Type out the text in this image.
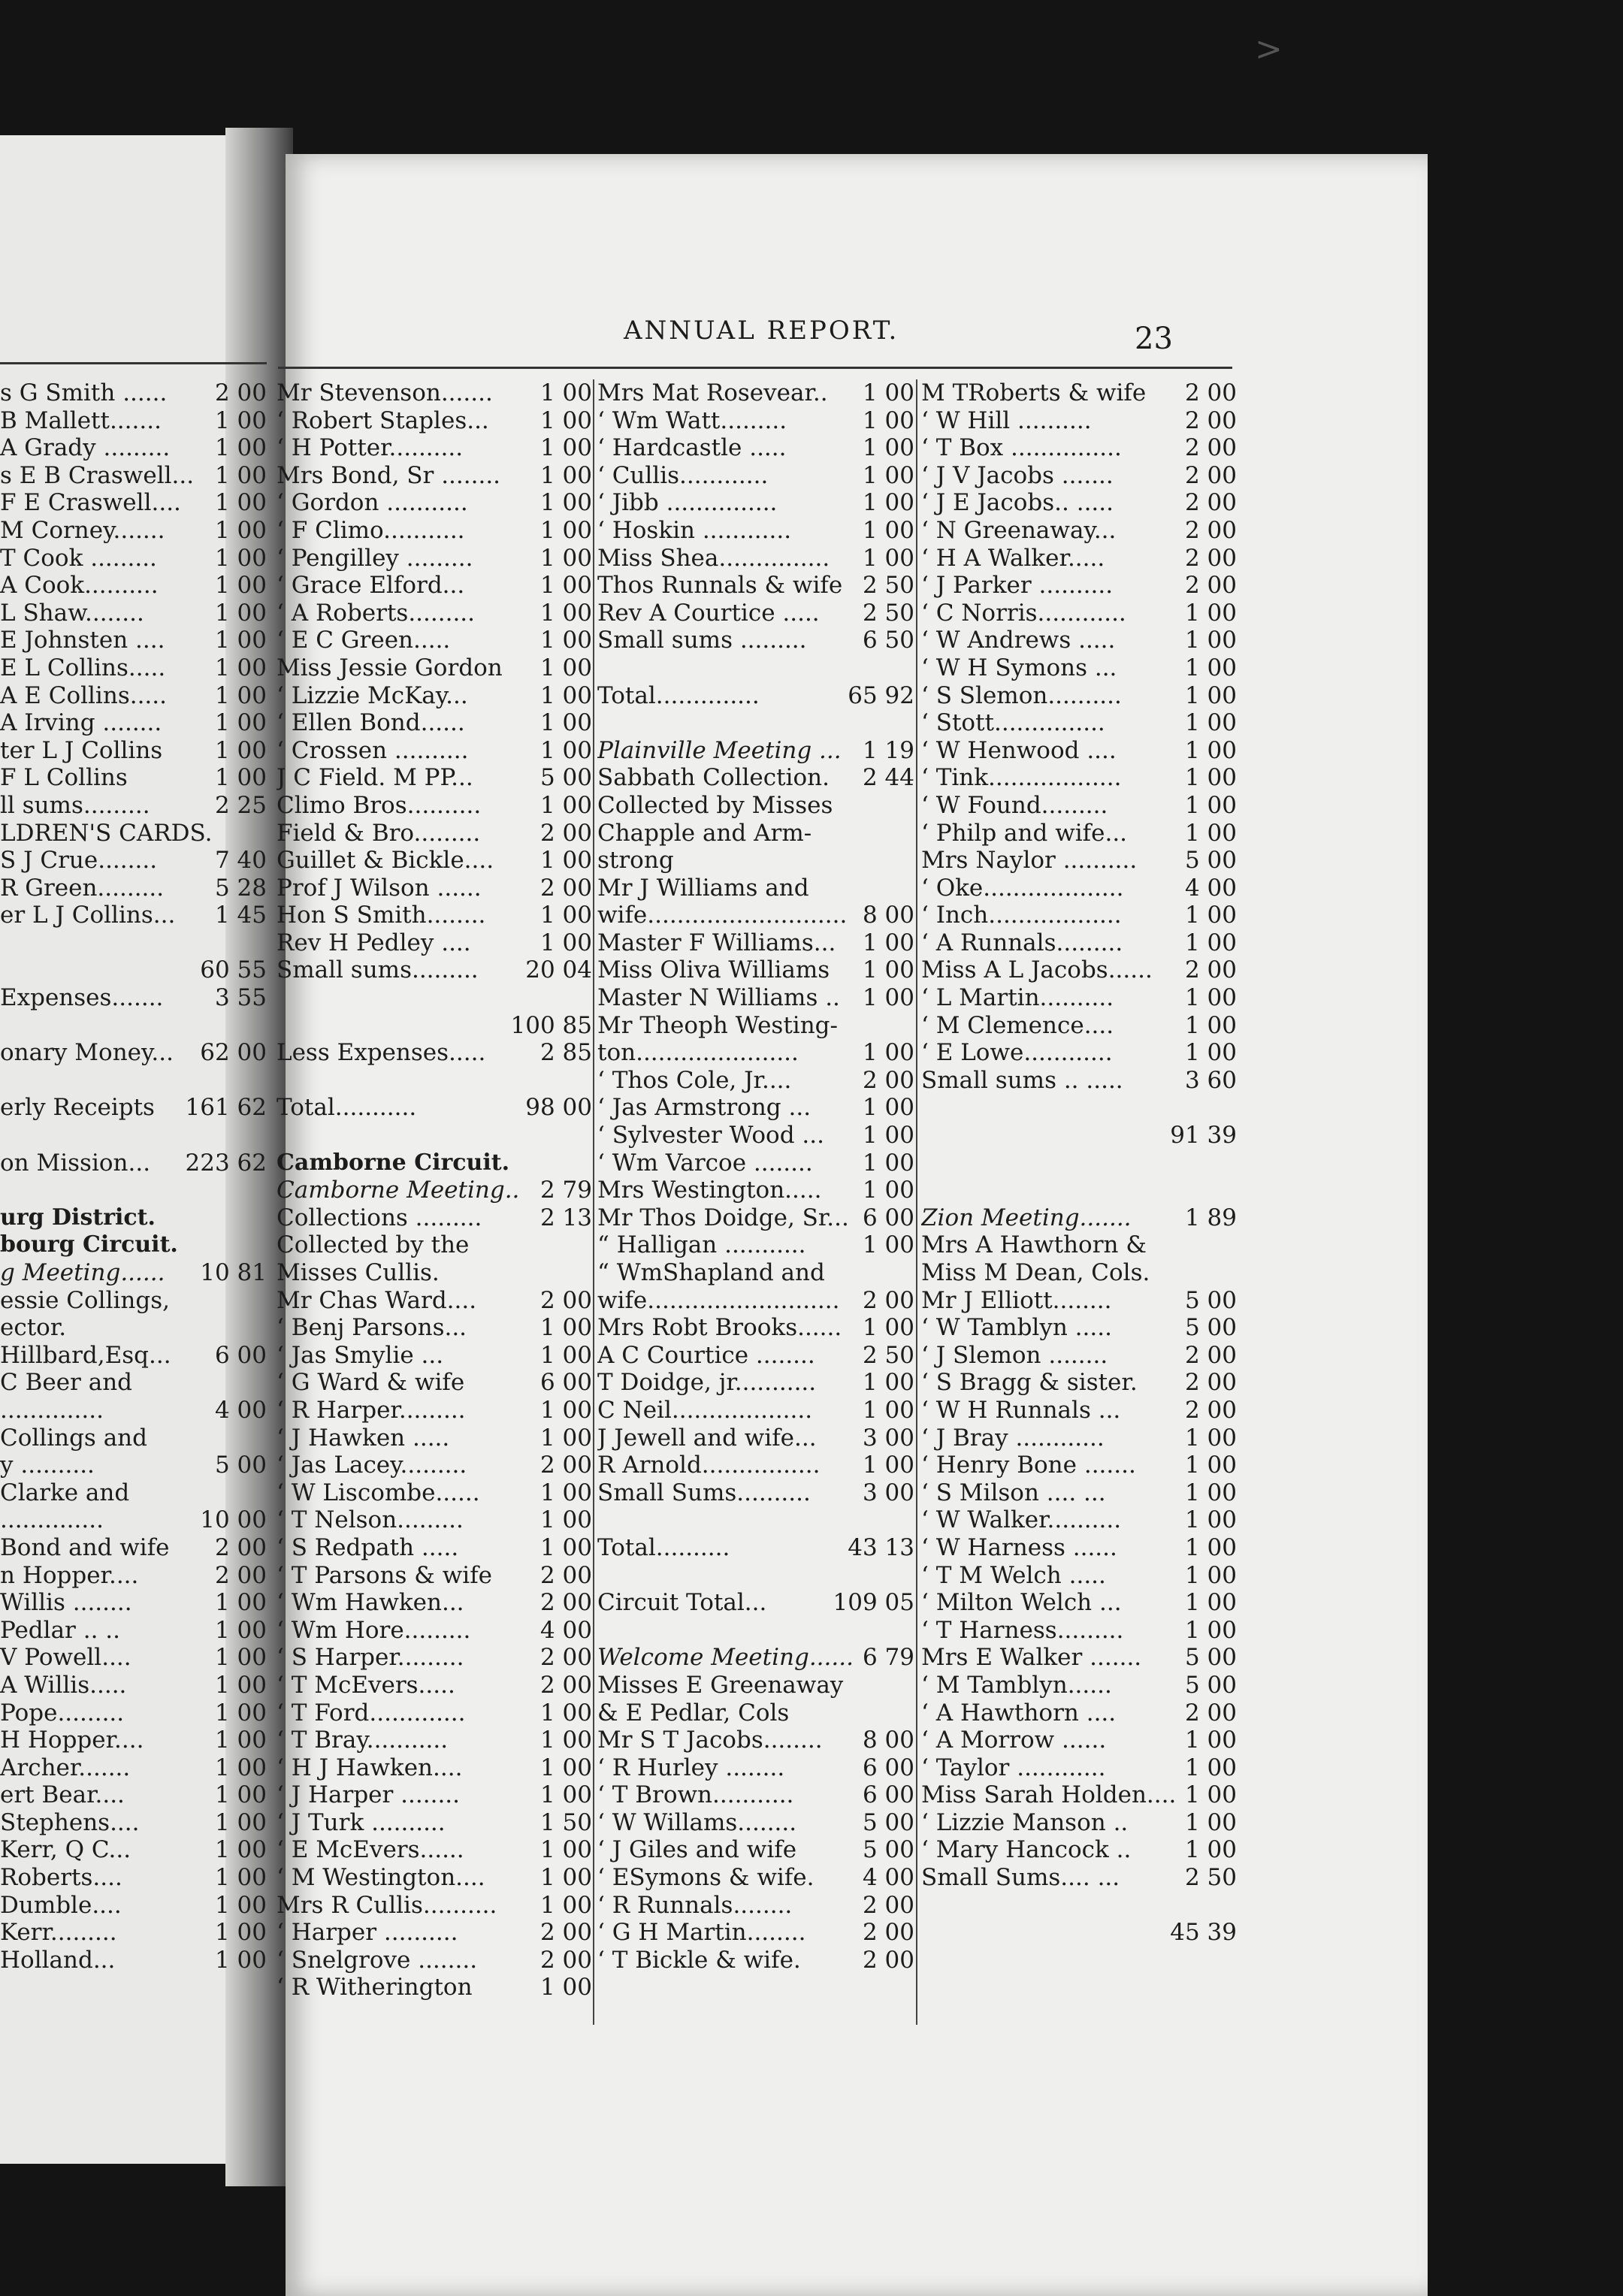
ANNUAL REPORT.	23
s G Smith ......	2 00
B Mallett.......	1 00
A Grady .........	1 00
s E B Craswell... 1 00
F E Craswell....	1 00
M Corney.......	1 00
T Cook .........	1 00
A Cook..........	1 00
L Shaw........	1 00
E Johnsten ....	1 00
E L Collins.....	1 00
A E Collins.....	1 00
A Irving ........	1 00
ter L J Collins	1 00
F L Collins	1 00
ll sums.........	2 25
LDREN'S CARDS.
S J Crue........	7 40
R Green.........	5 28
er L J Collins...	1 45
60 55
Expenses.......	3 55
onary Money...	62 00
erly Receipts	161 62
on Mission...	223 62
urg District.
bourg Circuit.
g Meeting......	10 81
essie Collings,
ector.
Hillbard,Esq...	6 00
C Beer and
..............	4 00
Collings and
y ..........	5 00
Clarke and
..............	10 00
Bond and wife	2 00
n Hopper....	2 00
Willis ........	1 00
Pedlar .. ..	1 00
V Powell....	1 00
A Willis.....	1 00
Pope.........	1 00
H Hopper....	1 00
Archer.......	1 00
ert Bear....	1 00
Stephens....	1 00
Kerr, Q C...	1 00
Roberts....	1 00
Dumble....	1 00
Kerr.........	1 00
Holland...	1 00
Mr Stevenson.......	1 00
‘ Robert Staples...	1 00
‘ H Potter..........	1 00
Mrs Bond, Sr ........	1 00
‘ Gordon ...........	1 00
‘ F Climo...........	1 00
‘ Pengilley .........	1 00
‘ Grace Elford...	1 00
‘ A Roberts.........	1 00
‘ E C Green.....	1 00
Miss Jessie Gordon	1 00
‘ Lizzie McKay...	1 00
‘ Ellen Bond......	1 00
‘ Crossen ..........	1 00
J C Field. M PP...	5 00
Climo Bros..........	1 00
Field & Bro.........	2 00
Guillet & Bickle....	1 00
Prof J Wilson ......	2 00
Hon S Smith........	1 00
Rev H Pedley ....	1 00
Small sums.........	20 04
100 85
Less Expenses.....	2 85
Total...........	98 00
Camborne Circuit.
Camborne Meeting.. 2 79
Collections .........	2 13
Collected by the
Misses Cullis.
Mr Chas Ward....	2 00
‘ Benj Parsons...	1 00
‘ Jas Smylie ...	1 00
‘ G Ward & wife	6 00
‘ R Harper.........	1 00
‘ J Hawken .....	1 00
‘ Jas Lacey.........	2 00
‘ W Liscombe......	1 00
‘ T Nelson.........	1 00
‘ S Redpath .....	1 00
‘ T Parsons & wife	2 00
‘ Wm Hawken...	2 00
‘ Wm Hore.........	4 00
‘ S Harper.........	2 00
‘ T McEvers.....	2 00
‘ T Ford.............	1 00
‘ T Bray...........	1 00
‘ H J Hawken....	1 00
‘ J Harper ........	1 00
‘ J Turk ..........	1 50
‘ E McEvers......	1 00
‘ M Westington....	1 00
Mrs R Cullis..........	1 00
‘ Harper ..........	2 00
‘ Snelgrove ........	2 00
‘ R Witherington	1 00
Mrs Mat Rosevear..	1 00
‘ Wm Watt.........	1 00
‘ Hardcastle .....	1 00
‘ Cullis............	1 00
‘ Jibb ...............	1 00
‘ Hoskin ............	1 00
Miss Shea...............	1 00
Thos Runnals & wife 2 50
Rev A Courtice .....	2 50
Small sums .........	6 50
Total..............	65 92
Plainville Meeting ... 1 19
Sabbath Collection.	2 44
Collected by Misses
Chapple and Arm-
strong
Mr J Williams and
wife........................... 8 00
Master F Williams...	1 00
Miss Oliva Williams	1 00
Master N Williams .. 1 00
Mr Theoph Westing-
ton......................	1 00
‘ Thos Cole, Jr....	2 00
‘ Jas Armstrong ...	1 00
‘ Sylvester Wood ...	1 00
‘ Wm Varcoe ........	1 00
Mrs Westington.....	1 00
Mr Thos Doidge, Sr... 6 00
“ Halligan ...........	1 00
“ WmShapland and
wife.......................... 2 00
Mrs Robt Brooks...... 1 00
A C Courtice ........	2 50
T Doidge, jr...........	1 00
C Neil...................	1 00
J Jewell and wife...	3 00
R Arnold................	1 00
Small Sums..........	3 00
Total..........	43 13
Circuit Total...	109 05
Welcome Meeting...... 6 79
Misses E Greenaway
& E Pedlar, Cols
Mr S T Jacobs........	8 00
‘ R Hurley ........	6 00
‘ T Brown...........	6 00
‘ W Willams........	5 00
‘ J Giles and wife	5 00
‘ ESymons & wife.	4 00
‘ R Runnals........	2 00
‘ G H Martin........	2 00
‘ T Bickle & wife.	2 00
M TRoberts & wife	2 00
‘ W Hill ..........	2 00
‘ T Box ...............	2 00
‘ J V Jacobs .......	2 00
‘ J E Jacobs.. .....	2 00
‘ N Greenaway...	2 00
‘ H A Walker.....	2 00
‘ J Parker ..........	2 00
‘ C Norris............	1 00
‘ W Andrews .....	1 00
‘ W H Symons ...	1 00
‘ S Slemon..........	1 00
‘ Stott...............	1 00
‘ W Henwood ....	1 00
‘ Tink..................	1 00
‘ W Found.........	1 00
‘ Philp and wife...	1 00
Mrs Naylor ..........	5 00
‘ Oke...................	4 00
‘ Inch..................	1 00
‘ A Runnals.........	1 00
Miss A L Jacobs......	2 00
‘ L Martin..........	1 00
‘ M Clemence....	1 00
‘ E Lowe............	1 00
Small sums .. .....	3 60
91 39
Zion Meeting.......	1 89
Mrs A Hawthorn &
Miss M Dean, Cols.
Mr J Elliott........	5 00
‘ W Tamblyn .....	5 00
‘ J Slemon ........	2 00
‘ S Bragg & sister.	2 00
‘ W H Runnals ...	2 00
‘ J Bray ............	1 00
‘ Henry Bone .......	1 00
‘ S Milson .... ...	1 00
‘ W Walker..........	1 00
‘ W Harness ......	1 00
‘ T M Welch .....	1 00
‘ Milton Welch ...	1 00
‘ T Harness.........	1 00
Mrs E Walker .......	5 00
‘ M Tamblyn......	5 00
‘ A Hawthorn ....	2 00
‘ A Morrow ......	1 00
‘ Taylor ............	1 00
Miss Sarah Holden.... 1 00
‘ Lizzie Manson ..	1 00
‘ Mary Hancock ..	1 00
Small Sums.... ...	2 50
45 39
>
